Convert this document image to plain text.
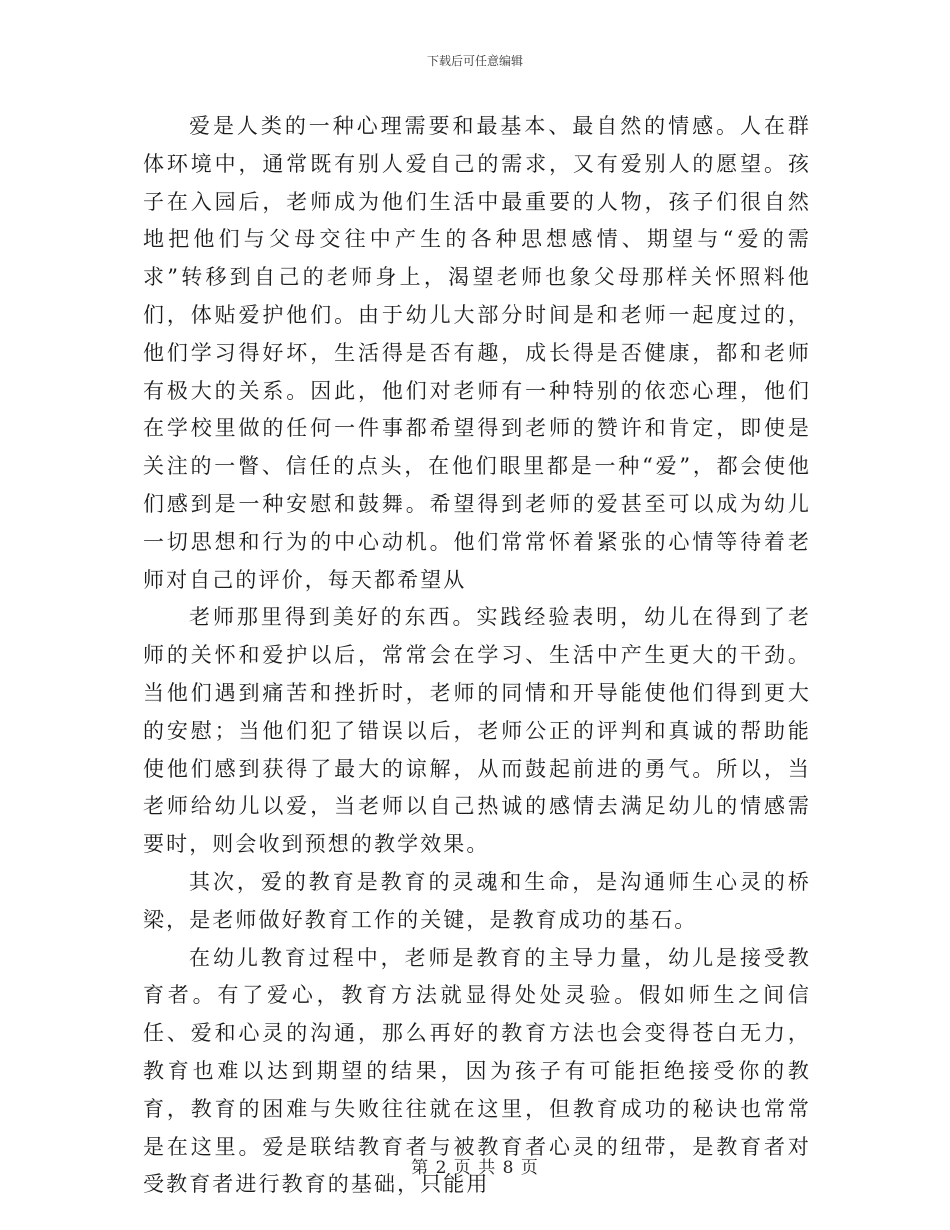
下载后可任意编辑

爱是人类的一种心理需要和最基本、最自然的情感。人在群体环境中，通常既有别人爱自己的需求，又有爱别人的愿望。孩子在入园后，老师成为他们生活中最重要的人物，孩子们很自然地把他们与父母交往中产生的各种思想感情、期望与“爱的需求”转移到自己的老师身上，渴望老师也象父母那样关怀照料他们，体贴爱护他们。由于幼儿大部分时间是和老师一起度过的，他们学习得好坏，生活得是否有趣，成长得是否健康，都和老师有极大的关系。因此，他们对老师有一种特别的依恋心理，他们在学校里做的任何一件事都希望得到老师的赞许和肯定，即使是关注的一瞥、信任的点头，在他们眼里都是一种“爱”，都会使他们感到是一种安慰和鼓舞。希望得到老师的爱甚至可以成为幼儿一切思想和行为的中心动机。他们常常怀着紧张的心情等待着老师对自己的评价，每天都希望从

老师那里得到美好的东西。实践经验表明，幼儿在得到了老师的关怀和爱护以后，常常会在学习、生活中产生更大的干劲。当他们遇到痛苦和挫折时，老师的同情和开导能使他们得到更大的安慰；当他们犯了错误以后，老师公正的评判和真诚的帮助能使他们感到获得了最大的谅解，从而鼓起前进的勇气。所以，当老师给幼儿以爱，当老师以自己热诚的感情去满足幼儿的情感需要时，则会收到预想的教学效果。

其次，爱的教育是教育的灵魂和生命，是沟通师生心灵的桥梁，是老师做好教育工作的关键，是教育成功的基石。

在幼儿教育过程中，老师是教育的主导力量，幼儿是接受教育者。有了爱心，教育方法就显得处处灵验。假如师生之间信任、爱和心灵的沟通，那么再好的教育方法也会变得苍白无力，教育也难以达到期望的结果，因为孩子有可能拒绝接受你的教育，教育的困难与失败往往就在这里，但教育成功的秘诀也常常是在这里。爱是联结教育者与被教育者心灵的纽带，是教育者对受教育者进行教育的基础，只能用

第 2 页 共 8 页
